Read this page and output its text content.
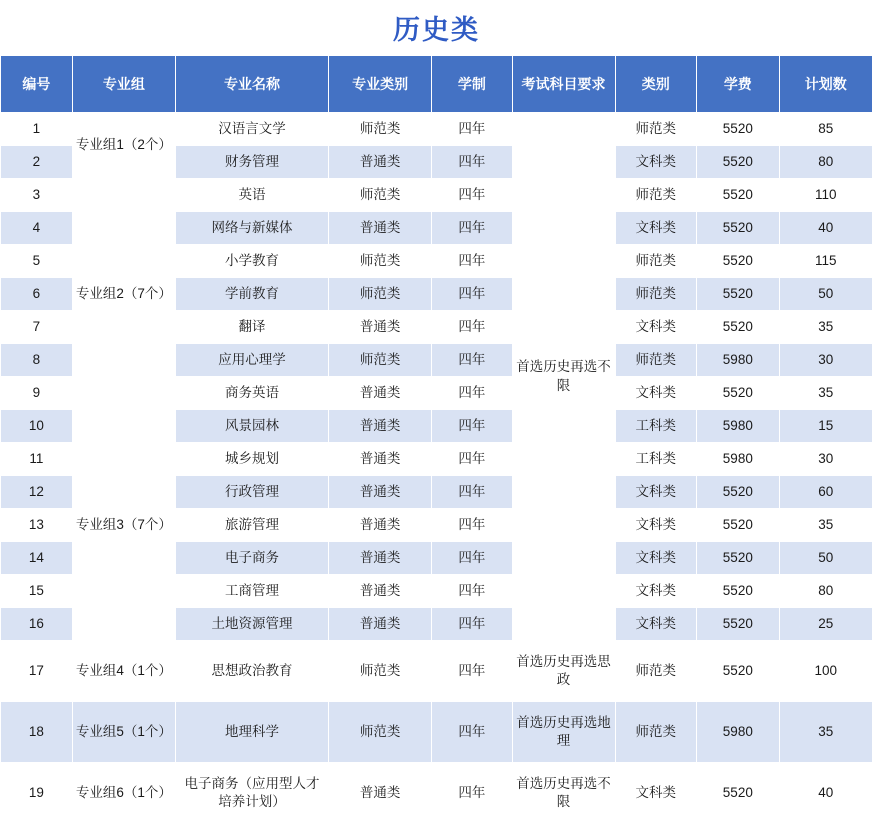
历史类
编号	专业组	专业名称	专业类别	学制	考试科目要求	类别	学费	计划数
1	专业组1（2个）	汉语言文学	师范类	四年	首选历史再选不限	师范类	5520	85
2		财务管理	普通类	四年		文科类	5520	80
3	专业组2（7个）	英语	师范类	四年		师范类	5520	110
4		网络与新媒体	普通类	四年		文科类	5520	40
5		小学教育	师范类	四年		师范类	5520	115
6		学前教育	师范类	四年		师范类	5520	50
7		翻译	普通类	四年		文科类	5520	35
8		应用心理学	师范类	四年		师范类	5980	30
9		商务英语	普通类	四年		文科类	5520	35
10	专业组3（7个）	风景园林	普通类	四年		工科类	5980	15
11		城乡规划	普通类	四年		工科类	5980	30
12		行政管理	普通类	四年		文科类	5520	60
13		旅游管理	普通类	四年		文科类	5520	35
14		电子商务	普通类	四年		文科类	5520	50
15		工商管理	普通类	四年		文科类	5520	80
16		土地资源管理	普通类	四年		文科类	5520	25
17	专业组4（1个）	思想政治教育	师范类	四年	首选历史再选思政	师范类	5520	100
18	专业组5（1个）	地理科学	师范类	四年	首选历史再选地理	师范类	5980	35
19	专业组6（1个）	电子商务（应用型人才培养计划）	普通类	四年	首选历史再选不限	文科类	5520	40
